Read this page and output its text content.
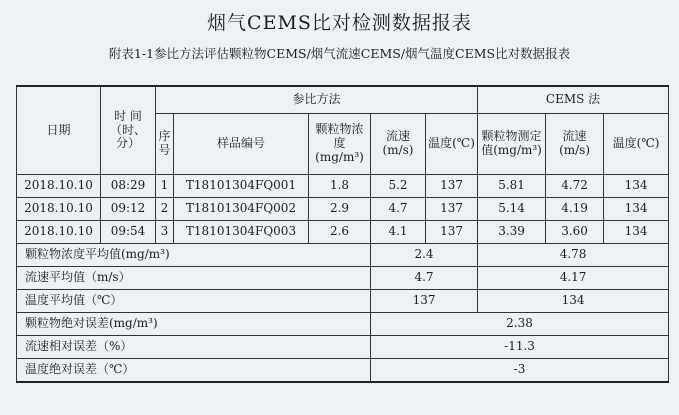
烟气CEMS比对检测数据报表
附表1-1参比方法评估颗粒物CEMS/烟气流速CEMS/烟气温度CEMS比对数据报表
日期	时 间（时、分）	参比方法					CEMS 法		
		序号	样品编号	颗粒物浓度(mg/m³)	流速(m/s)	温度(℃)	颗粒物测定值(mg/m³)	流速(m/s)	温度(℃)
2018.10.10	08:29	1	T18101304FQ001	1.8	5.2	137	5.81	4.72	134
2018.10.10	09:12	2	T18101304FQ002	2.9	4.7	137	5.14	4.19	134
2018.10.10	09:54	3	T18101304FQ003	2.6	4.1	137	3.39	3.60	134
颗粒物浓度平均值(mg/m³)					2.4		4.78		
流速平均值（m/s）					4.7		4.17		
温度平均值（℃）					137		134		
颗粒物绝对误差(mg/m³)					2.38				
流速相对误差（%）					-11.3				
温度绝对误差（℃）					-3				
